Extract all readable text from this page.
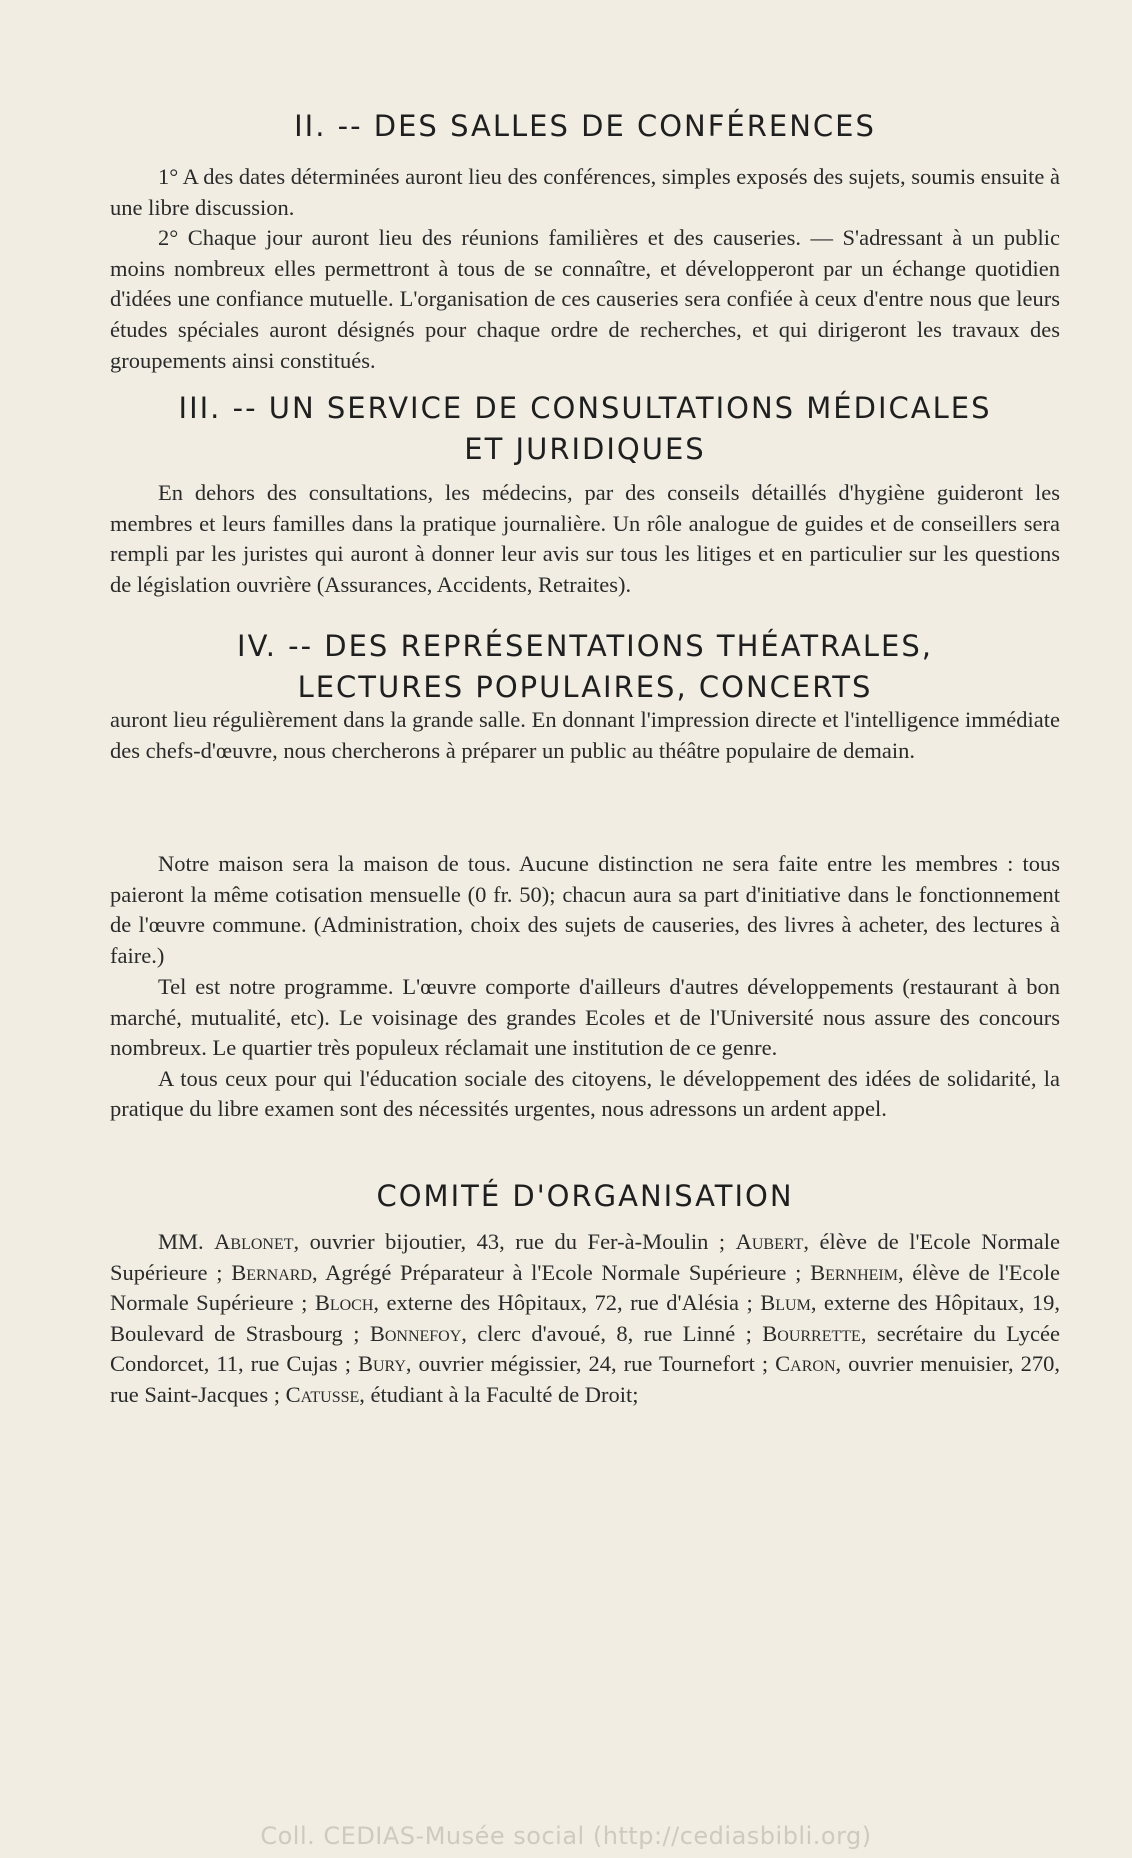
II. -- DES SALLES DE CONFÉRENCES

1° A des dates déterminées auront lieu des conférences, simples exposés des sujets, soumis ensuite à une libre discussion.

2° Chaque jour auront lieu des réunions familières et des causeries. — S'adressant à un public moins nombreux elles permettront à tous de se connaître, et développeront par un échange quotidien d'idées une confiance mutuelle. L'organisation de ces causeries sera confiée à ceux d'entre nous que leurs études spéciales auront désignés pour chaque ordre de recherches, et qui dirigeront les travaux des groupements ainsi constitués.

III. -- UN SERVICE DE CONSULTATIONS MÉDICALES
ET JURIDIQUES

En dehors des consultations, les médecins, par des conseils détaillés d'hygiène guideront les membres et leurs familles dans la pratique journalière. Un rôle analogue de guides et de conseillers sera rempli par les juristes qui auront à donner leur avis sur tous les litiges et en particulier sur les questions de législation ouvrière (Assurances, Accidents, Retraites).

IV. -- DES REPRÉSENTATIONS THÉATRALES,
LECTURES POPULAIRES, CONCERTS

auront lieu régulièrement dans la grande salle. En donnant l'impression directe et l'intelligence immédiate des chefs-d'œuvre, nous chercherons à préparer un public au théâtre populaire de demain.

Notre maison sera la maison de tous. Aucune distinction ne sera faite entre les membres : tous paieront la même cotisation mensuelle (0 fr. 50); chacun aura sa part d'initiative dans le fonctionnement de l'œuvre commune. (Administration, choix des sujets de causeries, des livres à acheter, des lectures à faire.)

Tel est notre programme. L'œuvre comporte d'ailleurs d'autres développements (restaurant à bon marché, mutualité, etc). Le voisinage des grandes Ecoles et de l'Université nous assure des concours nombreux. Le quartier très populeux réclamait une institution de ce genre.

A tous ceux pour qui l'éducation sociale des citoyens, le développement des idées de solidarité, la pratique du libre examen sont des nécessités urgentes, nous adressons un ardent appel.

COMITÉ D'ORGANISATION

MM. Ablonet, ouvrier bijoutier, 43, rue du Fer-à-Moulin ; Aubert, élève de l'Ecole Normale Supérieure ; Bernard, Agrégé Préparateur à l'Ecole Normale Supérieure ; Bernheim, élève de l'Ecole Normale Supérieure ; Bloch, externe des Hôpitaux, 72, rue d'Alésia ; Blum, externe des Hôpitaux, 19, Boulevard de Strasbourg ; Bonnefoy, clerc d'avoué, 8, rue Linné ; Bourrette, secrétaire du Lycée Condorcet, 11, rue Cujas ; Bury, ouvrier mégissier, 24, rue Tournefort ; Caron, ouvrier menuisier, 270, rue Saint-Jacques ; Catusse, étudiant à la Faculté de Droit;

Coll. CEDIAS-Musée social (http://cediasbibli.org)
